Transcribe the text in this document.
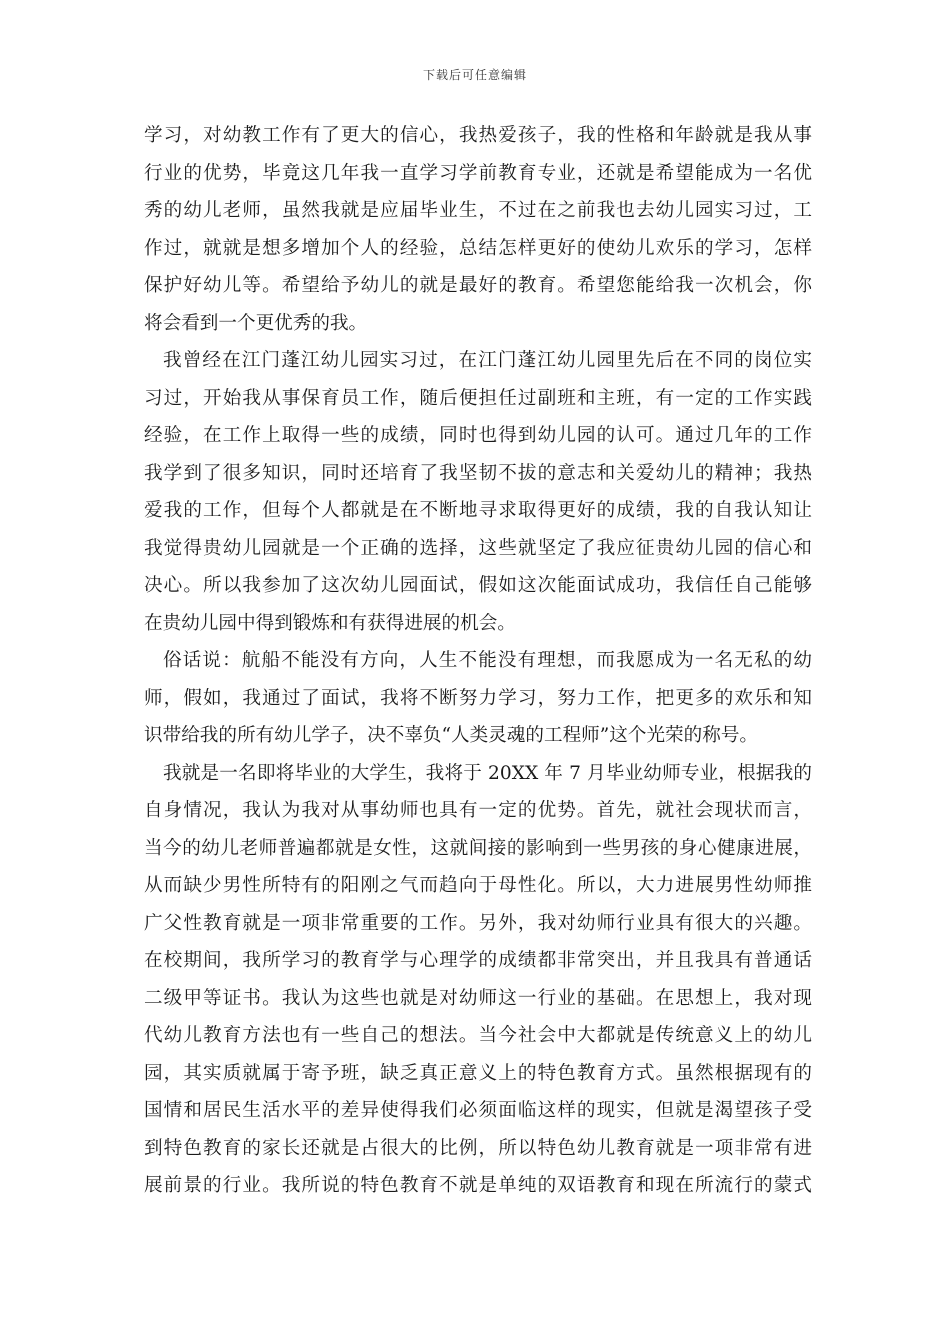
下载后可任意编辑
学习，对幼教工作有了更大的信心，我热爱孩子，我的性格和年龄就是我从事
行业的优势，毕竟这几年我一直学习学前教育专业，还就是希望能成为一名优
秀的幼儿老师，虽然我就是应届毕业生，不过在之前我也去幼儿园实习过，工
作过，就就是想多增加个人的经验，总结怎样更好的使幼儿欢乐的学习，怎样
保护好幼儿等。希望给予幼儿的就是最好的教育。希望您能给我一次机会，你
将会看到一个更优秀的我。
我曾经在江门蓬江幼儿园实习过，在江门蓬江幼儿园里先后在不同的岗位实
习过，开始我从事保育员工作，随后便担任过副班和主班，有一定的工作实践
经验，在工作上取得一些的成绩，同时也得到幼儿园的认可。通过几年的工作
我学到了很多知识，同时还培育了我坚韧不拔的意志和关爱幼儿的精神；我热
爱我的工作，但每个人都就是在不断地寻求取得更好的成绩，我的自我认知让
我觉得贵幼儿园就是一个正确的选择，这些就坚定了我应征贵幼儿园的信心和
决心。所以我参加了这次幼儿园面试，假如这次能面试成功，我信任自己能够
在贵幼儿园中得到锻炼和有获得进展的机会。
俗话说：航船不能没有方向，人生不能没有理想，而我愿成为一名无私的幼
师，假如，我通过了面试，我将不断努力学习，努力工作，把更多的欢乐和知
识带给我的所有幼儿学子，决不辜负“人类灵魂的工程师”这个光荣的称号。
我就是一名即将毕业的大学生，我将于 20XX 年 7 月毕业幼师专业，根据我的
自身情况，我认为我对从事幼师也具有一定的优势。首先，就社会现状而言，
当今的幼儿老师普遍都就是女性，这就间接的影响到一些男孩的身心健康进展，
从而缺少男性所特有的阳刚之气而趋向于母性化。所以，大力进展男性幼师推
广父性教育就是一项非常重要的工作。另外，我对幼师行业具有很大的兴趣。
在校期间，我所学习的教育学与心理学的成绩都非常突出，并且我具有普通话
二级甲等证书。我认为这些也就是对幼师这一行业的基础。在思想上，我对现
代幼儿教育方法也有一些自己的想法。当今社会中大都就是传统意义上的幼儿
园，其实质就属于寄予班，缺乏真正意义上的特色教育方式。虽然根据现有的
国情和居民生活水平的差异使得我们必须面临这样的现实，但就是渴望孩子受
到特色教育的家长还就是占很大的比例，所以特色幼儿教育就是一项非常有进
展前景的行业。我所说的特色教育不就是单纯的双语教育和现在所流行的蒙式
